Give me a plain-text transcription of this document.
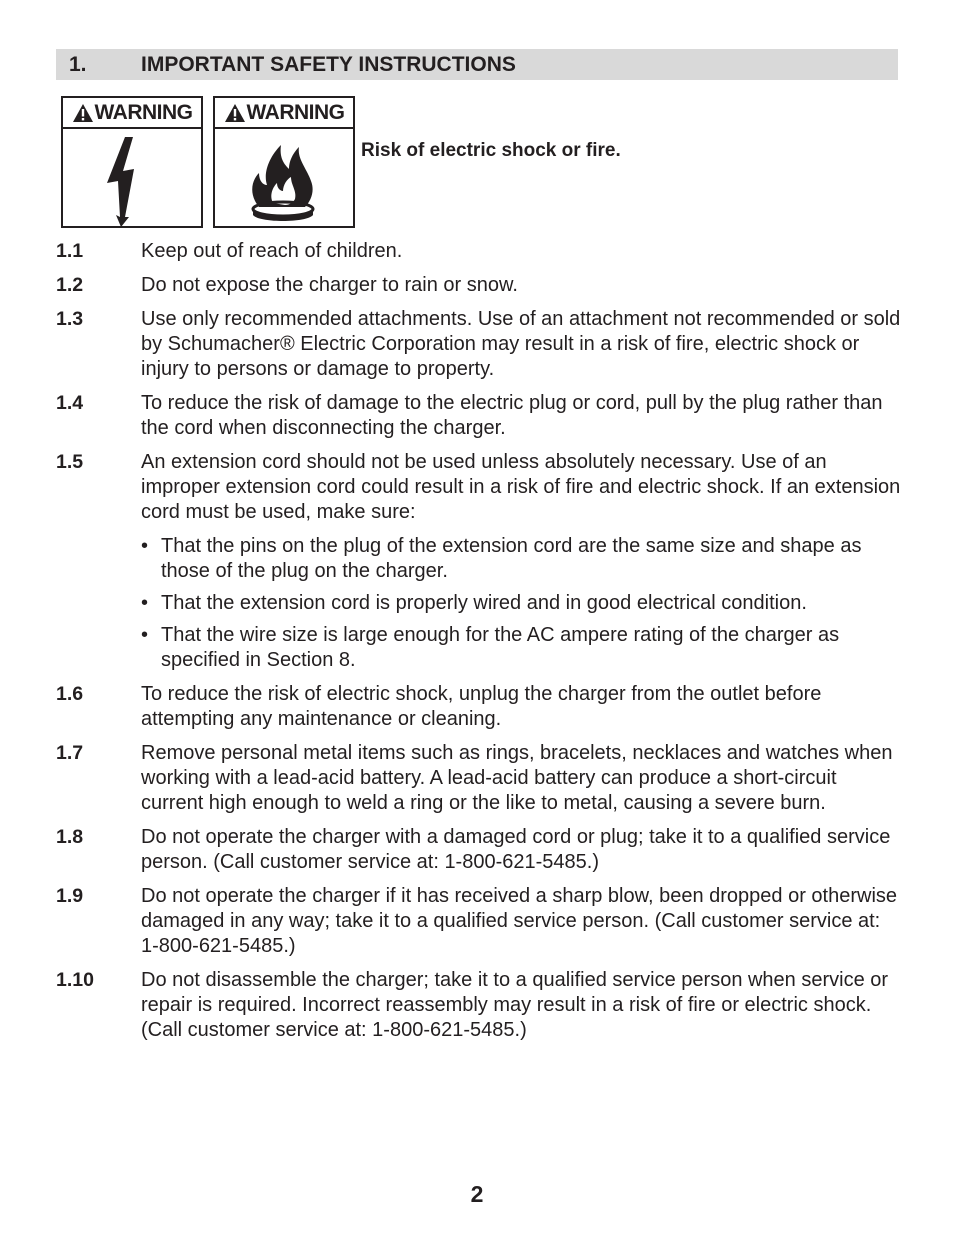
1.	IMPORTANT SAFETY INSTRUCTIONS
WARNING	WARNING
Risk of electric shock or fire.
1.1	Keep out of reach of children.
1.2	Do not expose the charger to rain or snow.
1.3	Use only recommended attachments. Use of an attachment not recommended or sold by Schumacher® Electric Corporation may result in a risk of fire, electric shock or injury to persons or damage to property.
1.4	To reduce the risk of damage to the electric plug or cord, pull by the plug rather than the cord when disconnecting the charger.
1.5	An extension cord should not be used unless absolutely necessary. Use of an improper extension cord could result in a risk of fire and electric shock. If an extension cord must be used, make sure:
• That the pins on the plug of the extension cord are the same size and shape as those of the plug on the charger.
• That the extension cord is properly wired and in good electrical condition.
• That the wire size is large enough for the AC ampere rating of the charger as specified in Section 8.
1.6	To reduce the risk of electric shock, unplug the charger from the outlet before attempting any maintenance or cleaning.
1.7	Remove personal metal items such as rings, bracelets, necklaces and watches when working with a lead-acid battery. A lead-acid battery can produce a short-circuit current high enough to weld a ring or the like to metal, causing a severe burn.
1.8	Do not operate the charger with a damaged cord or plug; take it to a qualified service person. (Call customer service at: 1-800-621-5485.)
1.9	Do not operate the charger if it has received a sharp blow, been dropped or otherwise damaged in any way; take it to a qualified service person. (Call customer service at: 1-800-621-5485.)
1.10 Do not disassemble the charger; take it to a qualified service person when service or repair is required. Incorrect reassembly may result in a risk of fire or electric shock. (Call customer service at: 1-800-621-5485.)
2
